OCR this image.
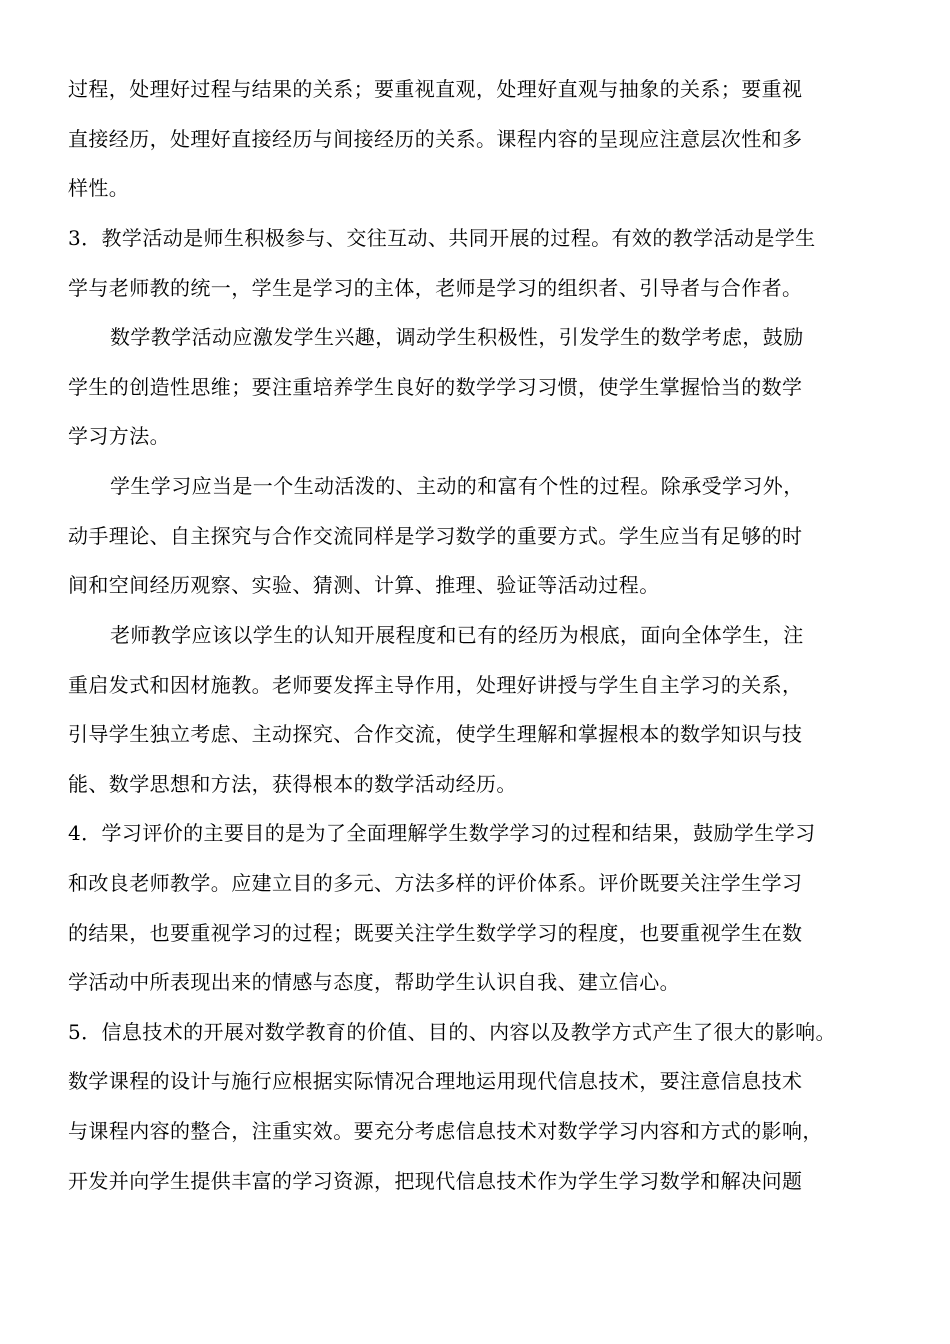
过程，处理好过程与结果的关系；要重视直观，处理好直观与抽象的关系；要重视
直接经历，处理好直接经历与间接经历的关系。课程内容的呈现应注意层次性和多
样性。
3．教学活动是师生积极参与、交往互动、共同开展的过程。有效的教学活动是学生
学与老师教的统一，学生是学习的主体，老师是学习的组织者、引导者与合作者。
数学教学活动应激发学生兴趣，调动学生积极性，引发学生的数学考虑，鼓励
学生的创造性思维；要注重培养学生良好的数学学习习惯，使学生掌握恰当的数学
学习方法。
学生学习应当是一个生动活泼的、主动的和富有个性的过程。除承受学习外，
动手理论、自主探究与合作交流同样是学习数学的重要方式。学生应当有足够的时
间和空间经历观察、实验、猜测、计算、推理、验证等活动过程。
老师教学应该以学生的认知开展程度和已有的经历为根底，面向全体学生，注
重启发式和因材施教。老师要发挥主导作用，处理好讲授与学生自主学习的关系，
引导学生独立考虑、主动探究、合作交流，使学生理解和掌握根本的数学知识与技
能、数学思想和方法，获得根本的数学活动经历。
4．学习评价的主要目的是为了全面理解学生数学学习的过程和结果，鼓励学生学习
和改良老师教学。应建立目的多元、方法多样的评价体系。评价既要关注学生学习
的结果，也要重视学习的过程；既要关注学生数学学习的程度，也要重视学生在数
学活动中所表现出来的情感与态度，帮助学生认识自我、建立信心。
5．信息技术的开展对数学教育的价值、目的、内容以及教学方式产生了很大的影响。
数学课程的设计与施行应根据实际情况合理地运用现代信息技术，要注意信息技术
与课程内容的整合，注重实效。要充分考虑信息技术对数学学习内容和方式的影响，
开发并向学生提供丰富的学习资源，把现代信息技术作为学生学习数学和解决问题
